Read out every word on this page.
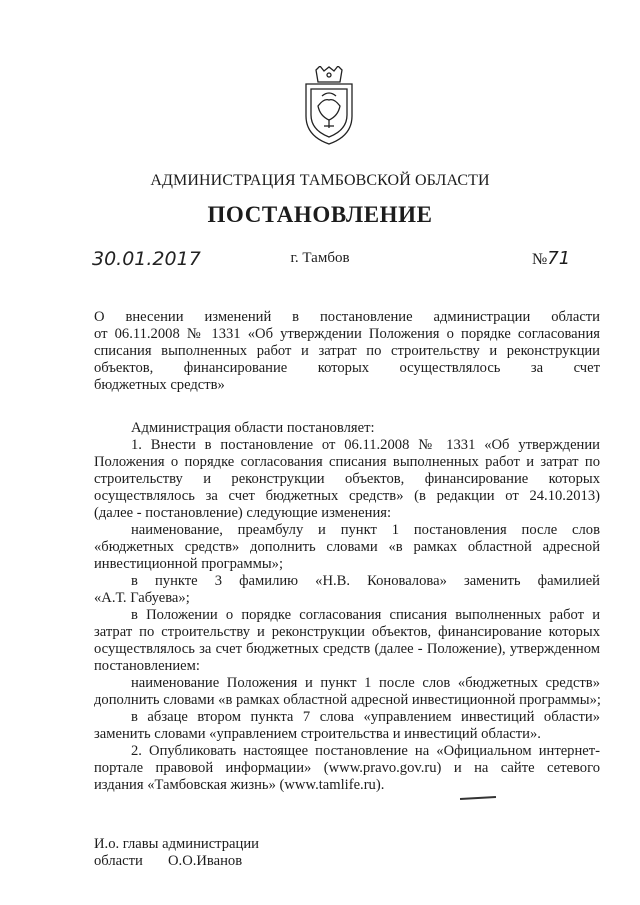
АДМИНИСТРАЦИЯ ТАМБОВСКОЙ ОБЛАСТИ
ПОСТАНОВЛЕНИЕ
30.01.2017	г. Тамбов	№71
О внесении изменений в постановление администрации области
от 06.11.2008 № 1331 «Об утверждении Положения о порядке согласования
списания выполненных работ и затрат по строительству и реконструкции
объектов, финансирование которых осуществлялось за счет
бюджетных средств»
Администрация области постановляет:
1. Внести в постановление от 06.11.2008 № 1331 «Об утверждении
Положения о порядке согласования списания выполненных работ и затрат по
строительству и реконструкции объектов, финансирование которых
осуществлялось за счет бюджетных средств» (в редакции от 24.10.2013)
(далее - постановление) следующие изменения:
наименование, преамбулу и пункт 1 постановления после слов
«бюджетных средств» дополнить словами «в рамках областной адресной
инвестиционной программы»;
в пункте 3 фамилию «Н.В. Коновалова» заменить фамилией
«А.Т. Габуева»;
в Положении о порядке согласования списания выполненных работ и
затрат по строительству и реконструкции объектов, финансирование которых
осуществлялось за счет бюджетных средств (далее - Положение), утвержденном
постановлением:
наименование Положения и пункт 1 после слов «бюджетных средств»
дополнить словами «в рамках областной адресной инвестиционной программы»;
в абзаце втором пункта 7 слова «управлением инвестиций области»
заменить словами «управлением строительства и инвестиций области».
2. Опубликовать настоящее постановление на «Официальном интернет-
портале правовой информации» (www.pravo.gov.ru) и на сайте сетевого
издания «Тамбовская жизнь» (www.tamlife.ru).
И.о. главы администрации
области О.О.Иванов
